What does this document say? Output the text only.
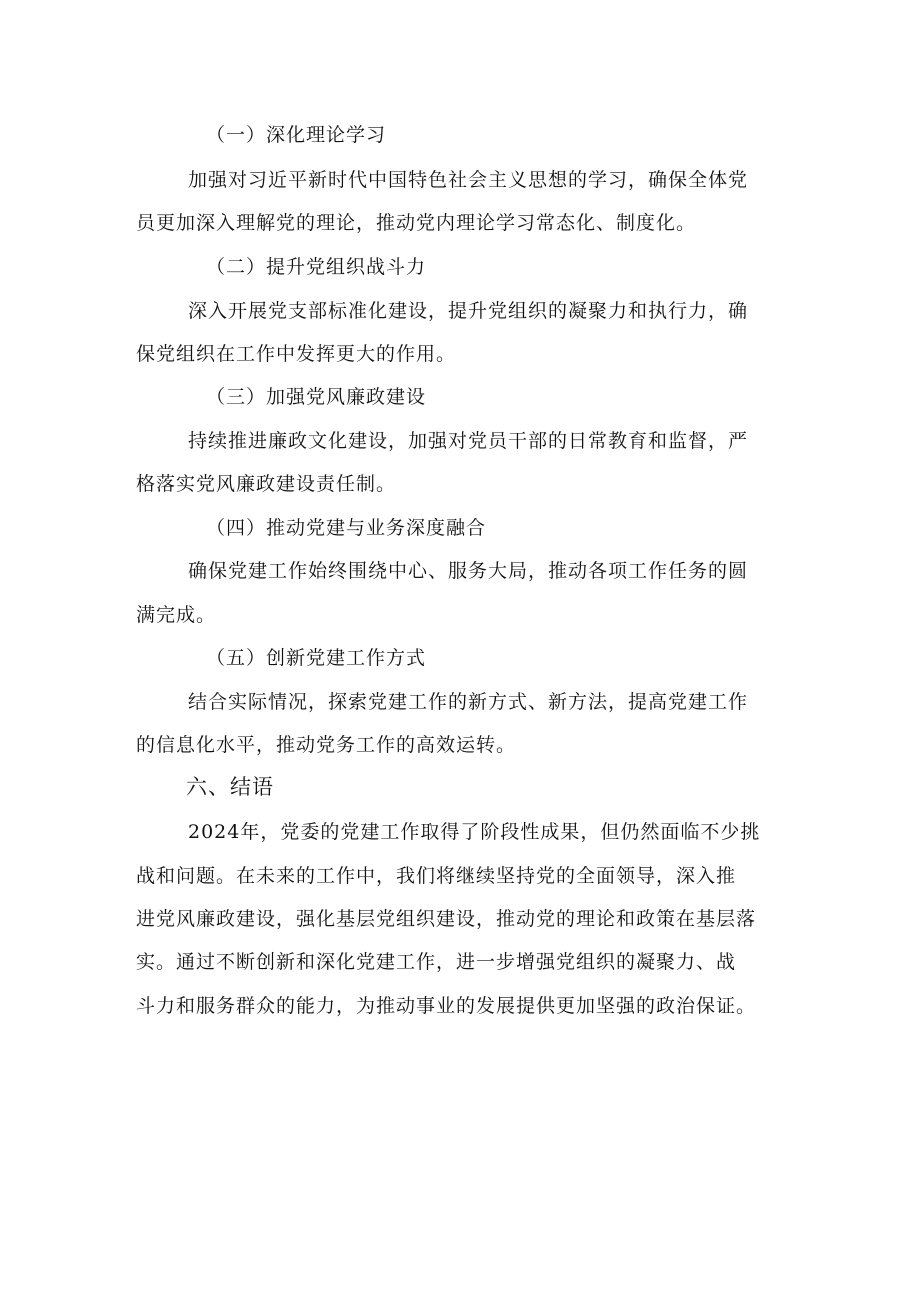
（一）深化理论学习
加强对习近平新时代中国特色社会主义思想的学习，确保全体党
员更加深入理解党的理论，推动党内理论学习常态化、制度化。
（二）提升党组织战斗力
深入开展党支部标准化建设，提升党组织的凝聚力和执行力，确
保党组织在工作中发挥更大的作用。
（三）加强党风廉政建设
持续推进廉政文化建设，加强对党员干部的日常教育和监督，严
格落实党风廉政建设责任制。
（四）推动党建与业务深度融合
确保党建工作始终围绕中心、服务大局，推动各项工作任务的圆
满完成。
（五）创新党建工作方式
结合实际情况，探索党建工作的新方式、新方法，提高党建工作
的信息化水平，推动党务工作的高效运转。
六、结语
2024年，党委的党建工作取得了阶段性成果，但仍然面临不少挑
战和问题。在未来的工作中，我们将继续坚持党的全面领导，深入推
进党风廉政建设，强化基层党组织建设，推动党的理论和政策在基层落
实。通过不断创新和深化党建工作，进一步增强党组织的凝聚力、战
斗力和服务群众的能力，为推动事业的发展提供更加坚强的政治保证。
